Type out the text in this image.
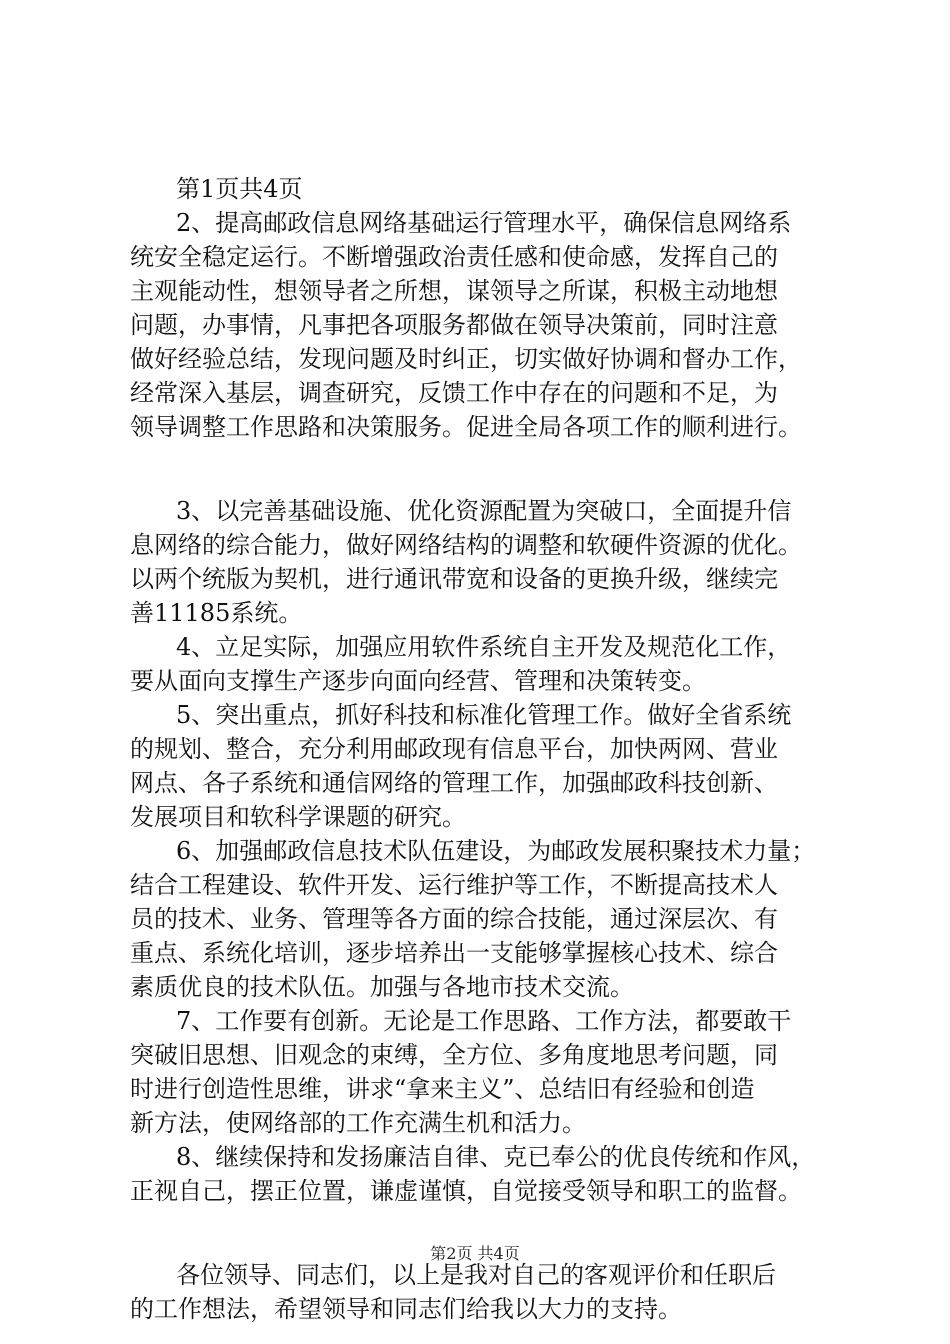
第1页共4页
2、提高邮政信息网络基础运行管理水平，确保信息网络系
统安全稳定运行。不断增强政治责任感和使命感，发挥自己的
主观能动性，想领导者之所想，谋领导之所谋，积极主动地想
问题，办事情，凡事把各项服务都做在领导决策前，同时注意
做好经验总结，发现问题及时纠正，切实做好协调和督办工作，
经常深入基层，调查研究，反馈工作中存在的问题和不足，为
领导调整工作思路和决策服务。促进全局各项工作的顺利进行。
3、以完善基础设施、优化资源配置为突破口，全面提升信
息网络的综合能力，做好网络结构的调整和软硬件资源的优化。
以两个统版为契机，进行通讯带宽和设备的更换升级，继续完
善11185系统。
4、立足实际，加强应用软件系统自主开发及规范化工作，
要从面向支撑生产逐步向面向经营、管理和决策转变。
5、突出重点，抓好科技和标准化管理工作。做好全省系统
的规划、整合，充分利用邮政现有信息平台，加快两网、营业
网点、各子系统和通信网络的管理工作，加强邮政科技创新、
发展项目和软科学课题的研究。
6、加强邮政信息技术队伍建设，为邮政发展积聚技术力量；
结合工程建设、软件开发、运行维护等工作，不断提高技术人
员的技术、业务、管理等各方面的综合技能，通过深层次、有
重点、系统化培训，逐步培养出一支能够掌握核心技术、综合
素质优良的技术队伍。加强与各地市技术交流。
7、工作要有创新。无论是工作思路、工作方法，都要敢干
突破旧思想、旧观念的束缚，全方位、多角度地思考问题，同
时进行创造性思维，讲求“拿来主义”、总结旧有经验和创造
新方法，使网络部的工作充满生机和活力。
8、继续保持和发扬廉洁自律、克已奉公的优良传统和作风，
正视自己，摆正位置，谦虚谨慎，自觉接受领导和职工的监督。
各位领导、同志们，以上是我对自己的客观评价和任职后
的工作想法，希望领导和同志们给我以大力的支持。
第2页 共4页
